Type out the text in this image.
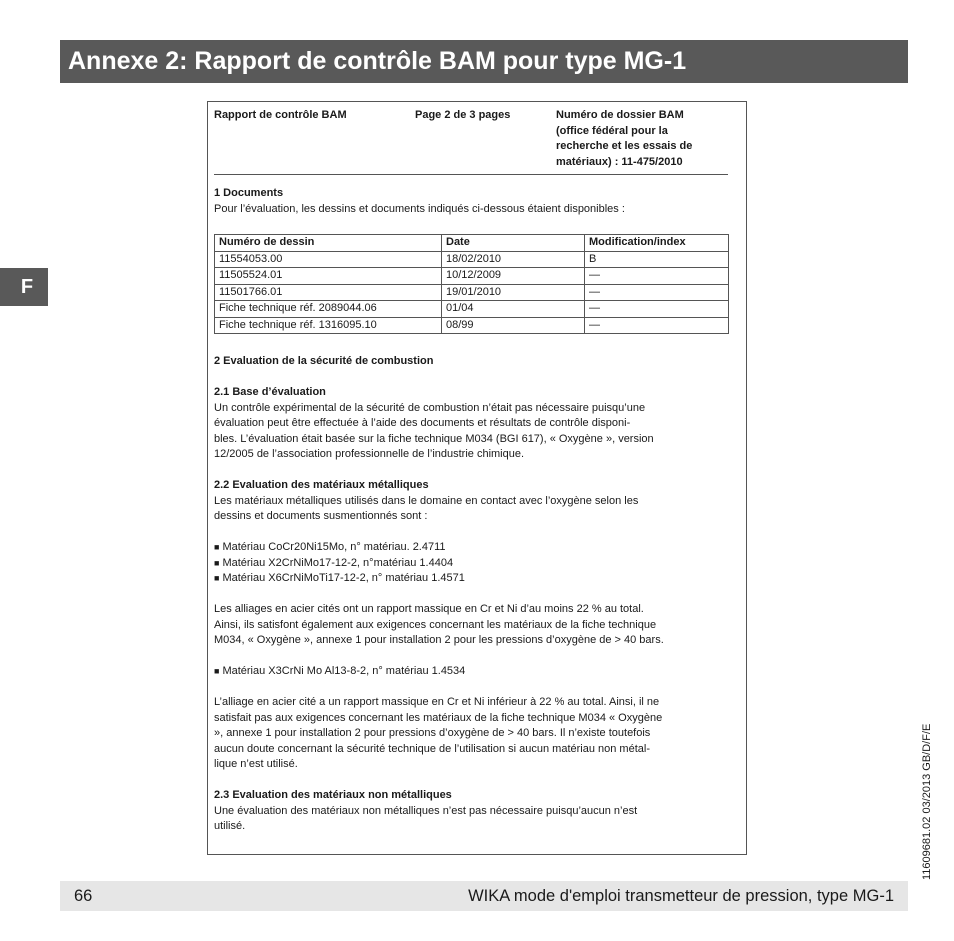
Annexe 2: Rapport de contrôle BAM pour type MG-1
F
Rapport de contrôle BAM	Page 2 de 3 pages	Numéro de dossier BAM
(office fédéral pour la
recherche et les essais de
matériaux) : 11-475/2010

1 Documents

Pour l’évaluation, les dessins et documents indiqués ci-dessous étaient disponibles :

Numéro de dessin	Date	Modification/index
11554053.00	18/02/2010	B
11505524.01	10/12/2009	—
11501766.01	19/01/2010	—
Fiche technique réf. 2089044.06	01/04	—
Fiche technique réf. 1316095.10	08/99	—

2 Evaluation de la sécurité de combustion

2.1 Base d’évaluation

Un contrôle expérimental de la sécurité de combustion n’était pas nécessaire puisqu’une

évaluation peut être effectuée à l’aide des documents et résultats de contrôle disponi-

bles. L’évaluation était basée sur la fiche technique M034 (BGI 617), « Oxygène », version

12/2005 de l’association professionnelle de l’industrie chimique.

2.2 Evaluation des matériaux métalliques

Les matériaux métalliques utilisés dans le domaine en contact avec l’oxygène selon les

dessins et documents susmentionnés sont :

■ Matériau CoCr20Ni15Mo, n° matériau. 2.4711

■ Matériau X2CrNiMo17-12-2, n°matériau 1.4404

■ Matériau X6CrNiMoTi17-12-2, n° matériau 1.4571

Les alliages en acier cités ont un rapport massique en Cr et Ni d’au moins 22 % au total.

Ainsi, ils satisfont également aux exigences concernant les matériaux de la fiche technique

M034, « Oxygène », annexe 1 pour installation 2 pour les pressions d’oxygène de > 40 bars.

■ Matériau X3CrNi Mo Al13-8-2, n° matériau 1.4534

L’alliage en acier cité a un rapport massique en Cr et Ni inférieur à 22 % au total. Ainsi, il ne

satisfait pas aux exigences concernant les matériaux de la fiche technique M034 « Oxygène

», annexe 1 pour installation 2 pour pressions d’oxygène de > 40 bars. Il n’existe toutefois

aucun doute concernant la sécurité technique de l’utilisation si aucun matériau non métal-

lique n’est utilisé.

2.3 Evaluation des matériaux non métalliques

Une évaluation des matériaux non métalliques n’est pas nécessaire puisqu’aucun n’est

utilisé.

66	WIKA mode d'emploi transmetteur de pression, type MG-1
11609681.02 03/2013 GB/D/F/E
